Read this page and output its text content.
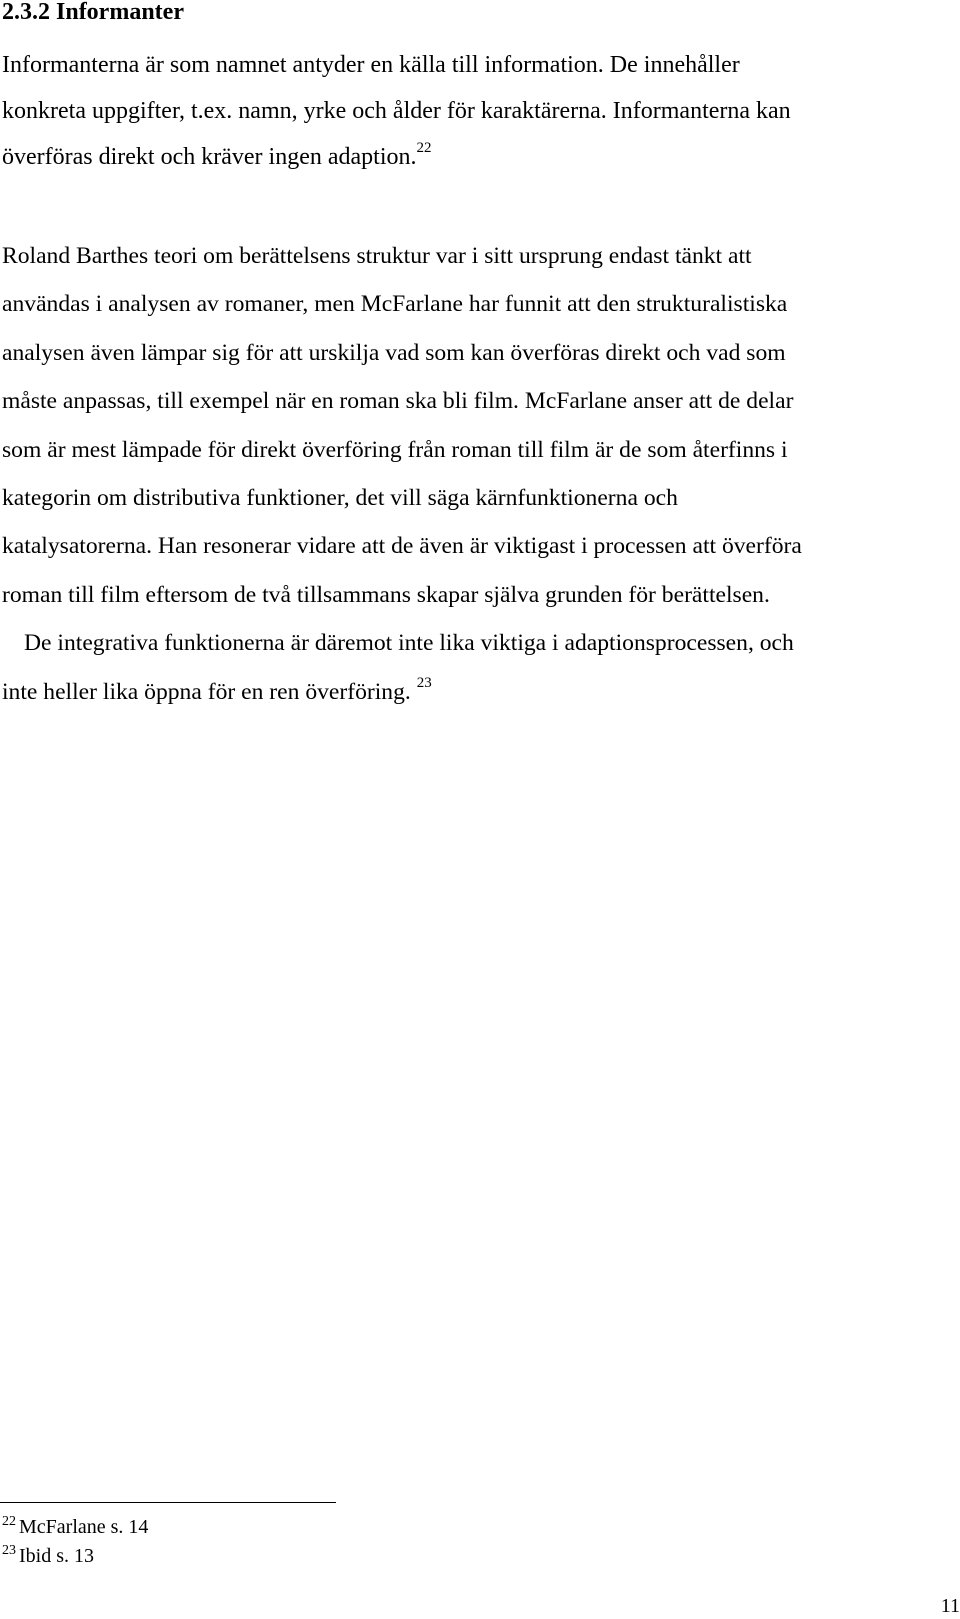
2.3.2 Informanter

Informanterna är som namnet antyder en källa till information. De innehåller
konkreta uppgifter, t.ex. namn, yrke och ålder för karaktärerna. Informanterna kan
överföras direkt och kräver ingen adaption.$^{22}$

Roland Barthes teori om berättelsens struktur var i sitt ursprung endast tänkt att
användas i analysen av romaner, men McFarlane har funnit att den strukturalistiska
analysen även lämpar sig för att urskilja vad som kan överföras direkt och vad som
måste anpassas, till exempel när en roman ska bli film. McFarlane anser att de delar
som är mest lämpade för direkt överföring från roman till film är de som återfinns i
kategorin om distributiva funktioner, det vill säga kärnfunktionerna och
katalysatorerna. Han resonerar vidare att de även är viktigast i processen att överföra
roman till film eftersom de två tillsammans skapar själva grunden för berättelsen.
De integrativa funktionerna är däremot inte lika viktiga i adaptionsprocessen, och
inte heller lika öppna för en ren överföring. $^{23}$

$^{22}$ McFarlane s. 14
$^{23}$ Ibid s. 13
11
